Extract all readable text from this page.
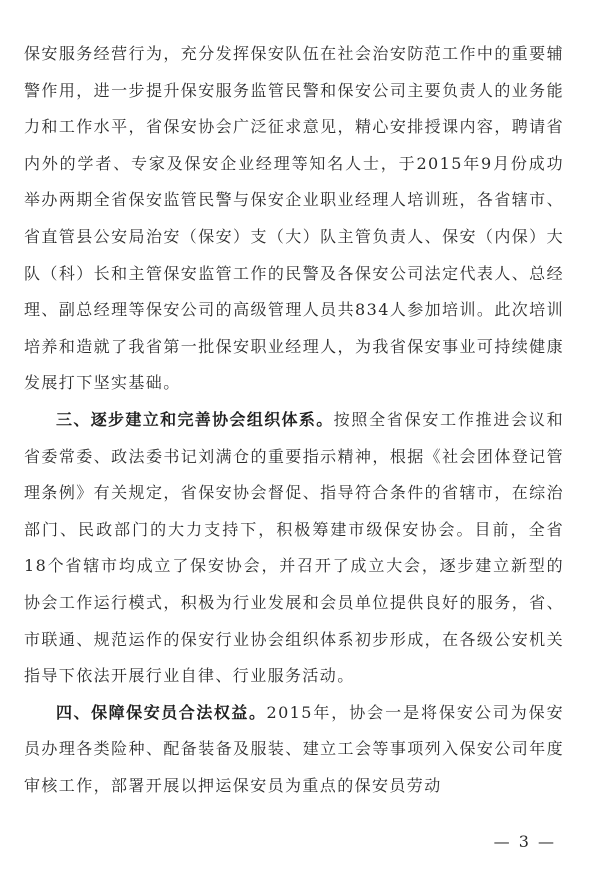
保安服务经营行为，充分发挥保安队伍在社会治安防范工作中的重要辅警作用，进一步提升保安服务监管民警和保安公司主要负责人的业务能力和工作水平，省保安协会广泛征求意见，精心安排授课内容，聘请省内外的学者、专家及保安企业经理等知名人士，于2015年9月份成功举办两期全省保安监管民警与保安企业职业经理人培训班，各省辖市、省直管县公安局治安（保安）支（大）队主管负责人、保安（内保）大队（科）长和主管保安监管工作的民警及各保安公司法定代表人、总经理、副总经理等保安公司的高级管理人员共834人参加培训。此次培训培养和造就了我省第一批保安职业经理人，为我省保安事业可持续健康发展打下坚实基础。

三、逐步建立和完善协会组织体系。按照全省保安工作推进会议和省委常委、政法委书记刘满仓的重要指示精神，根据《社会团体登记管理条例》有关规定，省保安协会督促、指导符合条件的省辖市，在综治部门、民政部门的大力支持下，积极筹建市级保安协会。目前，全省18个省辖市均成立了保安协会，并召开了成立大会，逐步建立新型的协会工作运行模式，积极为行业发展和会员单位提供良好的服务，省、市联通、规范运作的保安行业协会组织体系初步形成，在各级公安机关指导下依法开展行业自律、行业服务活动。

四、保障保安员合法权益。2015年，协会一是将保安公司为保安员办理各类险种、配备装备及服装、建立工会等事项列入保安公司年度审核工作，部署开展以押运保安员为重点的保安员劳动

— 3 —
